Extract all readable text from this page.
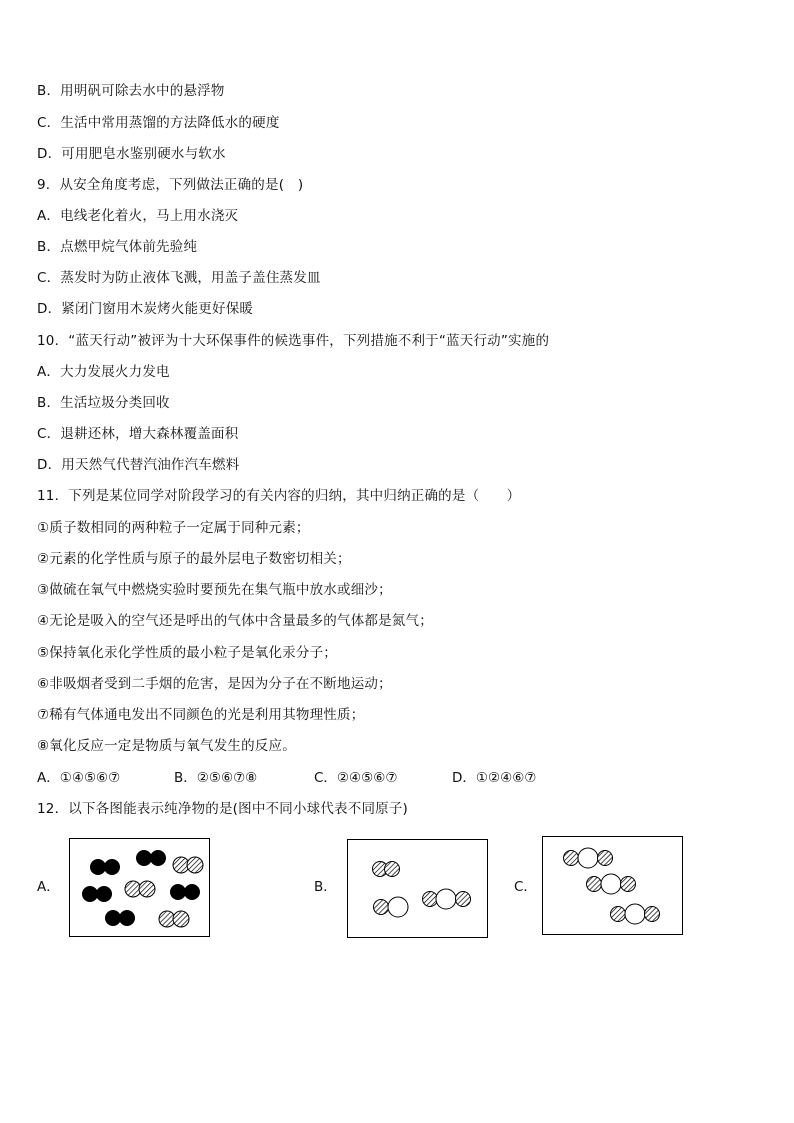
B．用明矾可除去水中的悬浮物
C．生活中常用蒸馏的方法降低水的硬度
D．可用肥皂水鉴别硬水与软水
9．从安全角度考虑，下列做法正确的是(　)
A．电线老化着火，马上用水浇灭
B．点燃甲烷气体前先验纯
C．蒸发时为防止液体飞溅，用盖子盖住蒸发皿
D．紧闭门窗用木炭烤火能更好保暖
10．“蓝天行动”被评为十大环保事件的候选事件，下列措施不利于“蓝天行动”实施的
A．大力发展火力发电
B．生活垃圾分类回收
C．退耕还林，增大森林覆盖面积
D．用天然气代替汽油作汽车燃料
11．下列是某位同学对阶段学习的有关内容的归纳，其中归纳正确的是（　　）
①质子数相同的两种粒子一定属于同种元素；
②元素的化学性质与原子的最外层电子数密切相关；
③做硫在氧气中燃烧实验时要预先在集气瓶中放水或细沙；
④无论是吸入的空气还是呼出的气体中含量最多的气体都是氮气；
⑤保持氧化汞化学性质的最小粒子是氧化汞分子；
⑥非吸烟者受到二手烟的危害，是因为分子在不断地运动；
⑦稀有气体通电发出不同颜色的光是利用其物理性质；
⑧氧化反应一定是物质与氧气发生的反应。
A．①④⑤⑥⑦	B．②⑤⑥⑦⑧	C．②④⑤⑥⑦	D．①②④⑥⑦
12．以下各图能表示纯净物的是(图中不同小球代表不同原子)
A．	B．	C．
